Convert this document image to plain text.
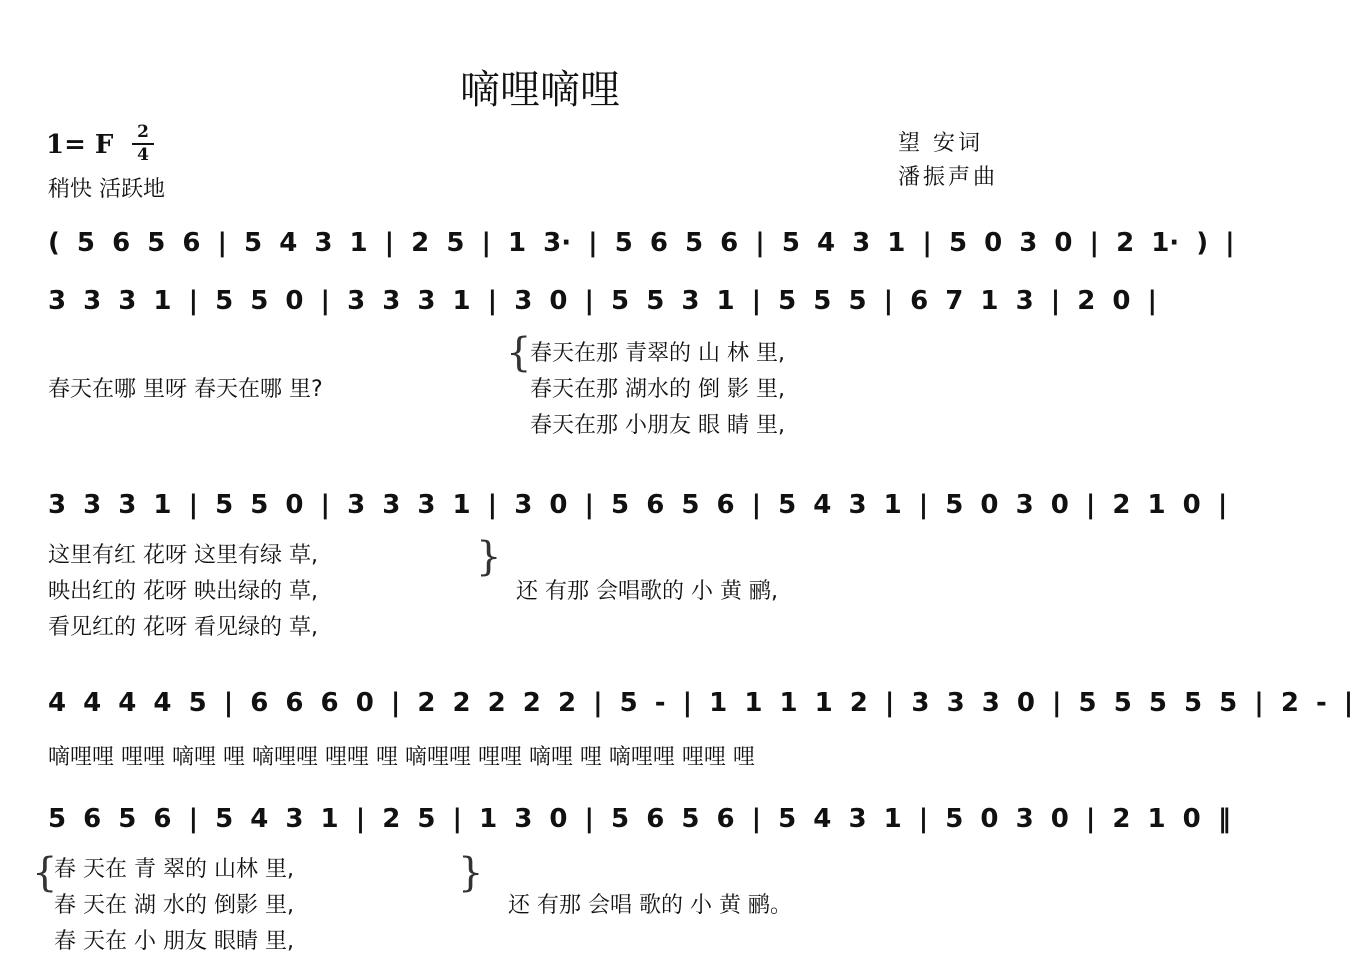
嘀哩嘀哩
1= F 2
4
稍快 活跃地
望 安词
潘振声曲
( 5 6 5 6 | 5 4 3 1 | 2 5 | 1 3· | 5 6 5 6 | 5 4 3 1 | 5 0 3 0 | 2 1· ) |
3 3 3 1 | 5 5 0 | 3 3 3 1 | 3 0 | 5 5 3 1 | 5 5 5 | 6 7 1 3 | 2 0 |
春天在哪 里呀 春天在哪 里?
{
春天在那 青翠的 山 林 里,
春天在那 湖水的 倒 影 里,
春天在那 小朋友 眼 睛 里,
3 3 3 1 | 5 5 0 | 3 3 3 1 | 3 0 | 5 6 5 6 | 5 4 3 1 | 5 0 3 0 | 2 1 0 |
这里有红 花呀 这里有绿 草,
映出红的 花呀 映出绿的 草,
看见红的 花呀 看见绿的 草,
}
还 有那 会唱歌的 小 黄 鹂,
4 4 4 4 5 | 6 6 6 0 | 2 2 2 2 2 | 5 - | 1 1 1 1 2 | 3 3 3 0 | 5 5 5 5 5 | 2 - |
嘀哩哩 哩哩 嘀哩 哩 嘀哩哩 哩哩 哩 嘀哩哩 哩哩 嘀哩 哩 嘀哩哩 哩哩 哩
5 6 5 6 | 5 4 3 1 | 2 5 | 1 3 0 | 5 6 5 6 | 5 4 3 1 | 5 0 3 0 | 2 1 0 ‖
{
春 天在 青 翠的 山林 里,
春 天在 湖 水的 倒影 里,
春 天在 小 朋友 眼睛 里,
}
还 有那 会唱 歌的 小 黄 鹂。
